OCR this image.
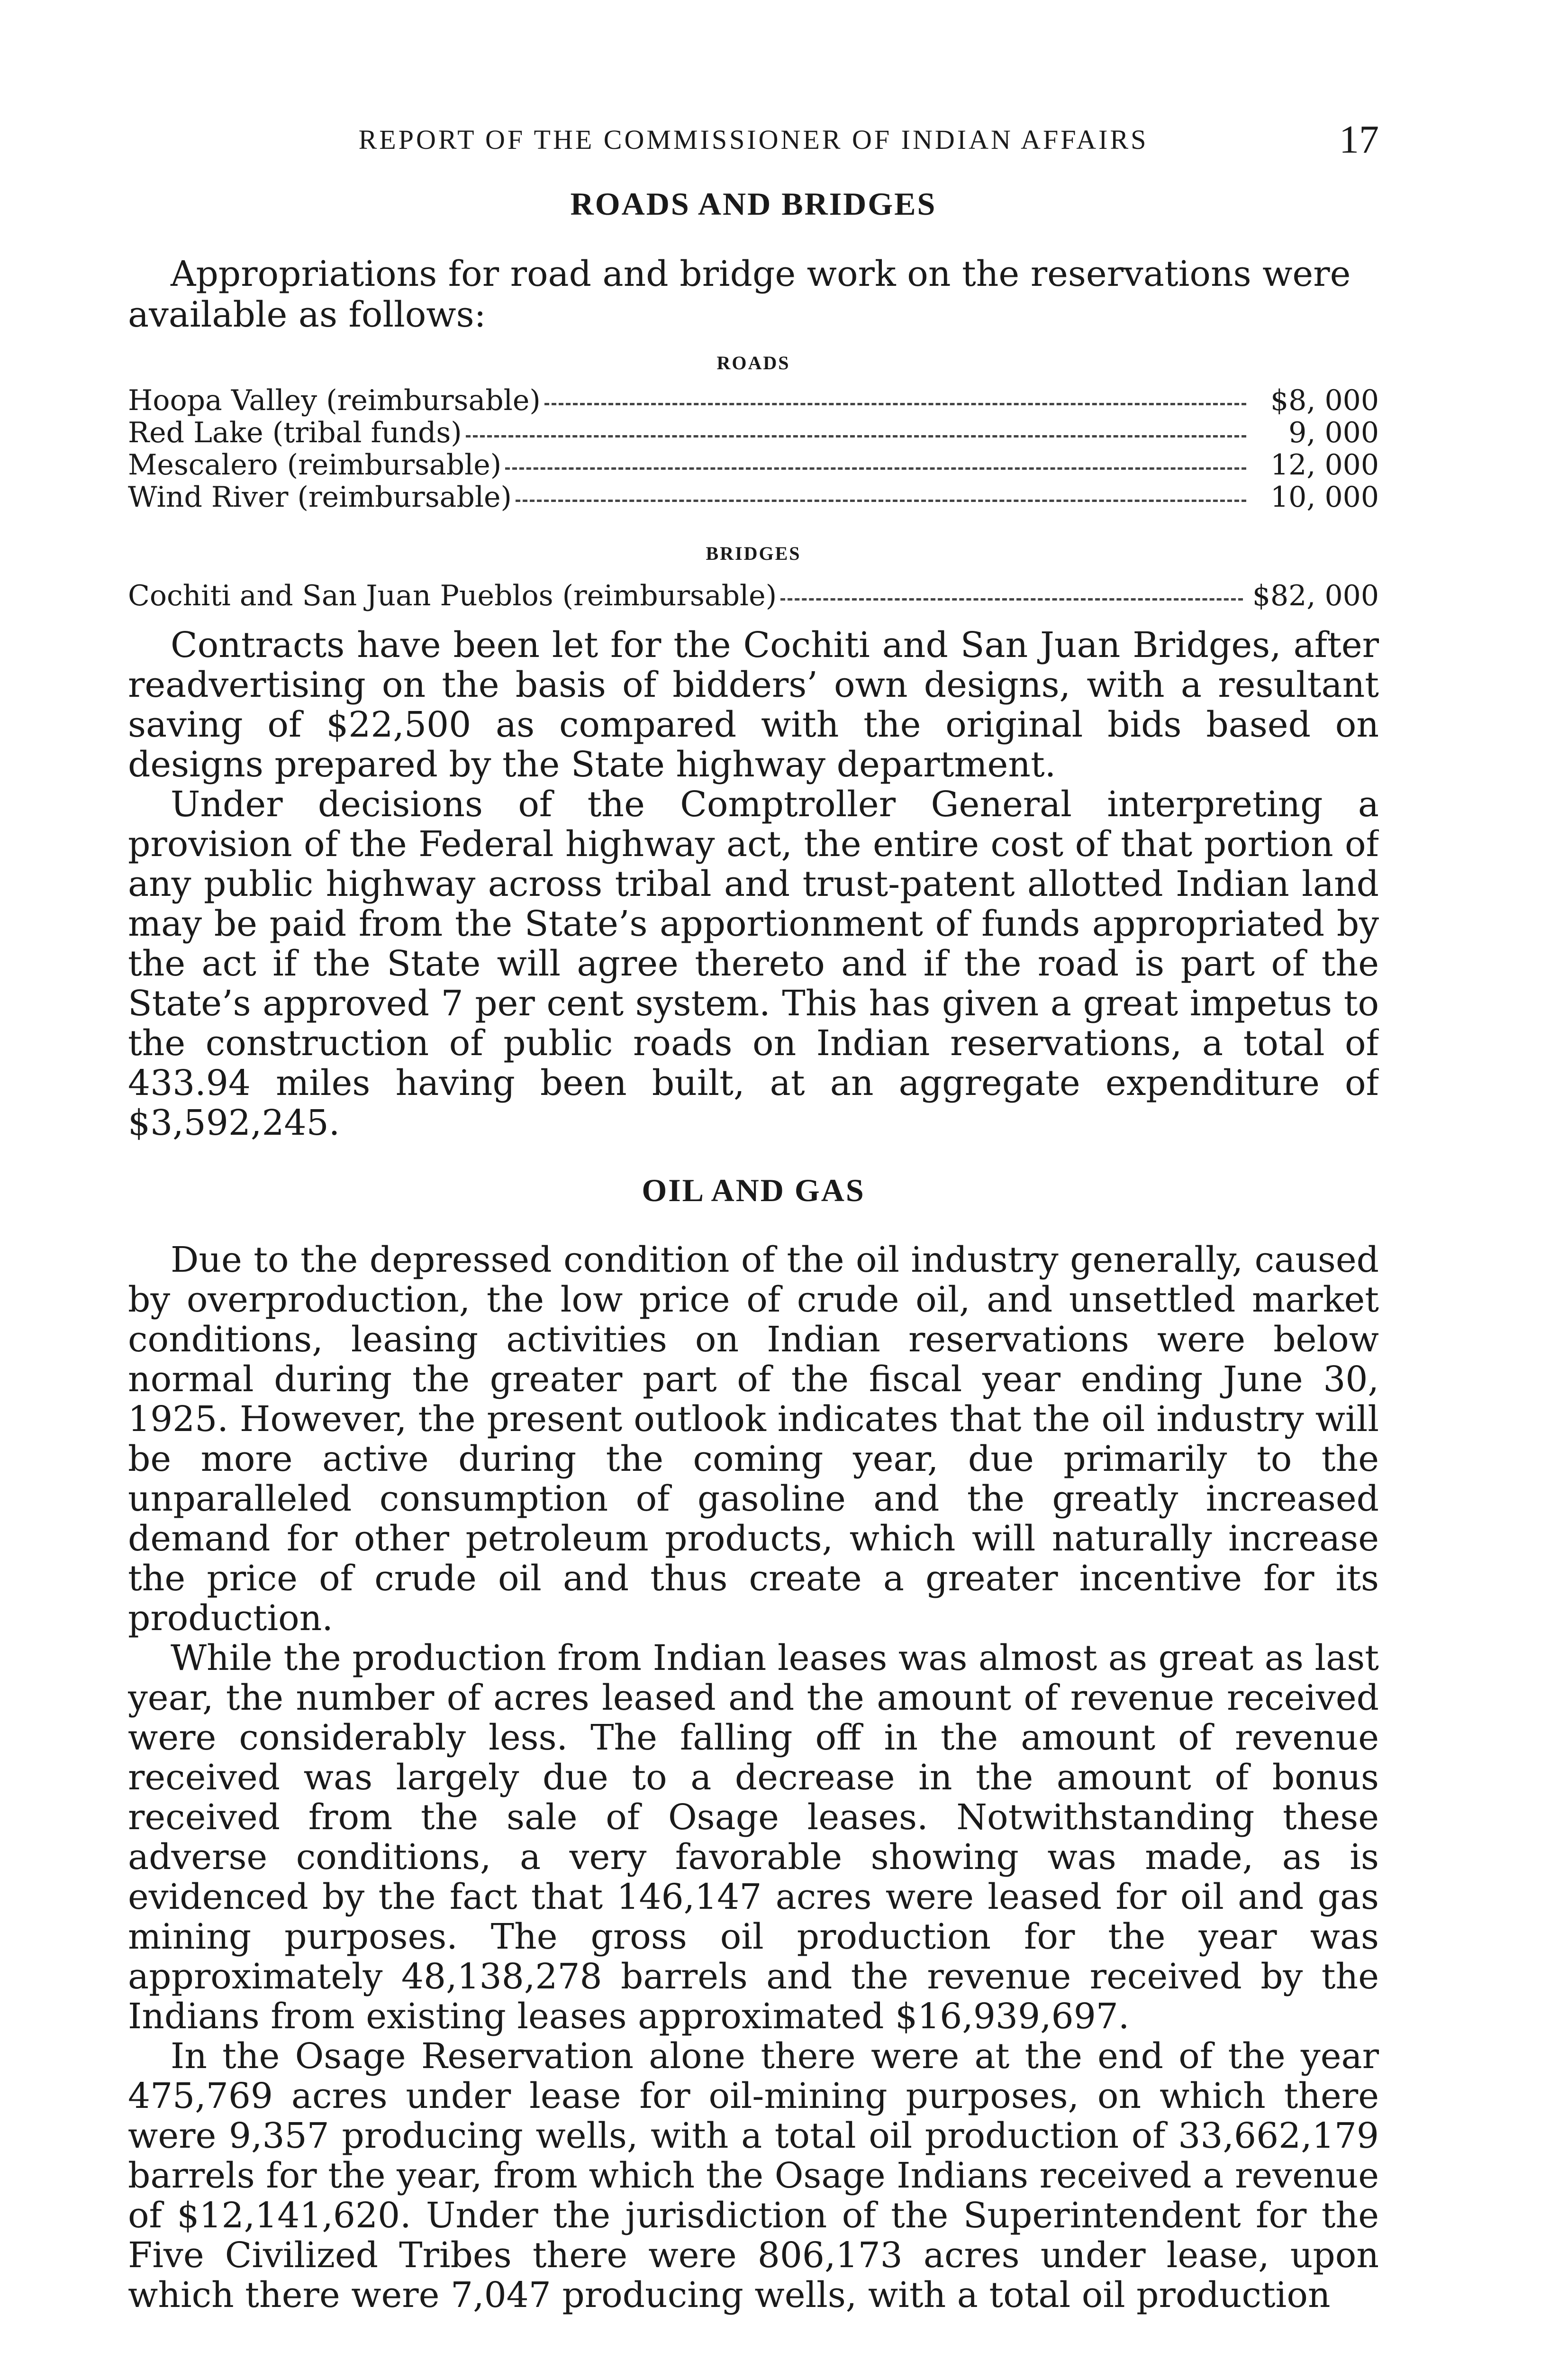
REPORT OF THE COMMISSIONER OF INDIAN AFFAIRS	17
ROADS AND BRIDGES

Appropriations for road and bridge work on the reservations were available as follows:

ROADS
Hoopa Valley (reimbursable)	$8, 000
Red Lake (tribal funds)	9, 000
Mescalero (reimbursable)	12, 000
Wind River (reimbursable)	10, 000
BRIDGES
Cochiti and San Juan Pueblos (reimbursable)	$82, 000

Contracts have been let for the Cochiti and San Juan Bridges, after readvertising on the basis of bidders’ own designs, with a resultant saving of $22,500 as compared with the original bids based on designs prepared by the State highway department.

Under decisions of the Comptroller General interpreting a provision of the Federal highway act, the entire cost of that portion of any public highway across tribal and trust-patent allotted Indian land may be paid from the State’s apportionment of funds appropriated by the act if the State will agree thereto and if the road is part of the State’s approved 7 per cent system. This has given a great impetus to the construction of public roads on Indian reservations, a total of 433.94 miles having been built, at an aggregate expenditure of $3,592,245.

OIL AND GAS

Due to the depressed condition of the oil industry generally, caused by overproduction, the low price of crude oil, and unsettled market conditions, leasing activities on Indian reservations were below normal during the greater part of the fiscal year ending June 30, 1925. However, the present outlook indicates that the oil industry will be more active during the coming year, due primarily to the unparalleled consumption of gasoline and the greatly increased demand for other petroleum products, which will naturally increase the price of crude oil and thus create a greater incentive for its production.

While the production from Indian leases was almost as great as last year, the number of acres leased and the amount of revenue received were considerably less. The falling off in the amount of revenue received was largely due to a decrease in the amount of bonus received from the sale of Osage leases. Notwithstanding these adverse conditions, a very favorable showing was made, as is evidenced by the fact that 146,147 acres were leased for oil and gas mining purposes. The gross oil production for the year was approximately 48,138,278 barrels and the revenue received by the Indians from existing leases approximated $16,939,697.

In the Osage Reservation alone there were at the end of the year 475,769 acres under lease for oil-mining purposes, on which there were 9,357 producing wells, with a total oil production of 33,662,179 barrels for the year, from which the Osage Indians received a revenue of $12,141,620. Under the jurisdiction of the Superintendent for the Five Civilized Tribes there were 806,173 acres under lease, upon which there were 7,047 producing wells, with a total oil production
